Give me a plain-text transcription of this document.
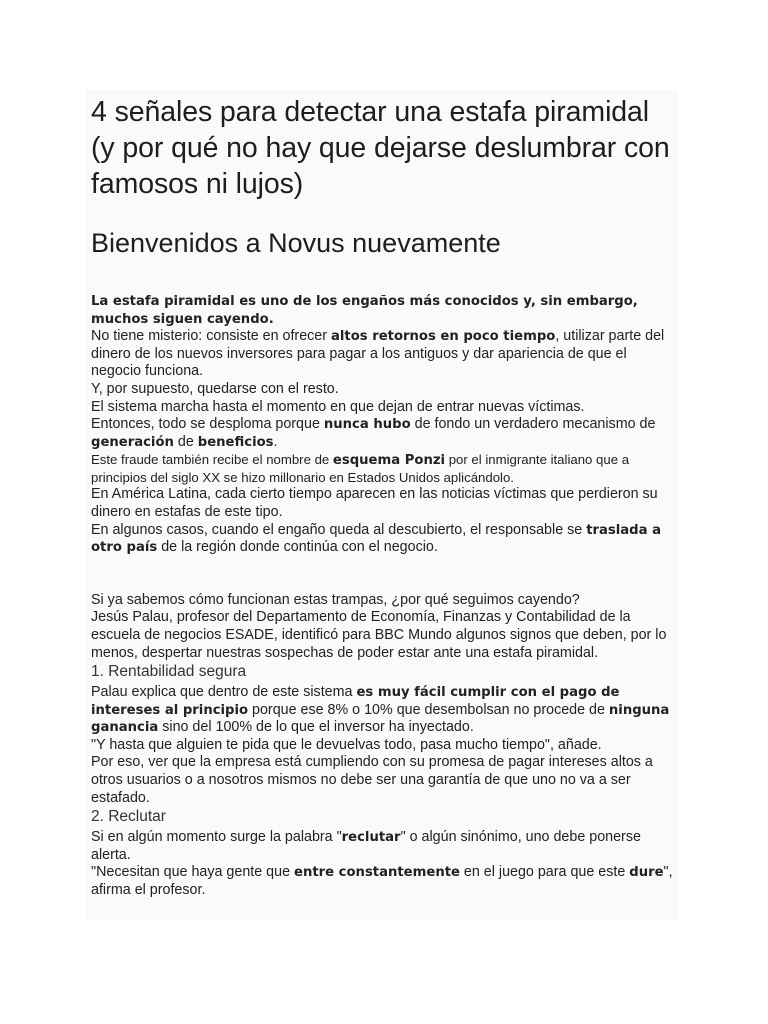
4 señales para detectar una estafa piramidal (y por qué no hay que dejarse deslumbrar con famosos ni lujos)
Bienvenidos a Novus nuevamente

La estafa piramidal es uno de los engaños más conocidos y, sin embargo, muchos siguen cayendo.

No tiene misterio: consiste en ofrecer altos retornos en poco tiempo, utilizar parte del dinero de los nuevos inversores para pagar a los antiguos y dar apariencia de que el negocio funciona.

Y, por supuesto, quedarse con el resto.

El sistema marcha hasta el momento en que dejan de entrar nuevas víctimas.

Entonces, todo se desploma porque nunca hubo de fondo un verdadero mecanismo de generación de beneficios.

Este fraude también recibe el nombre de esquema Ponzi por el inmigrante italiano que a principios del siglo XX se hizo millonario en Estados Unidos aplicándolo.

En América Latina, cada cierto tiempo aparecen en las noticias víctimas que perdieron su dinero en estafas de este tipo.

En algunos casos, cuando el engaño queda al descubierto, el responsable se traslada a otro país de la región donde continúa con el negocio.

Si ya sabemos cómo funcionan estas trampas, ¿por qué seguimos cayendo?

Jesús Palau, profesor del Departamento de Economía, Finanzas y Contabilidad de la escuela de negocios ESADE, identificó para BBC Mundo algunos signos que deben, por lo menos, despertar nuestras sospechas de poder estar ante una estafa piramidal.

1. Rentabilidad segura

Palau explica que dentro de este sistema es muy fácil cumplir con el pago de intereses al principio porque ese 8% o 10% que desembolsan no procede de ninguna ganancia sino del 100% de lo que el inversor ha inyectado.

"Y hasta que alguien te pida que le devuelvas todo, pasa mucho tiempo", añade.

Por eso, ver que la empresa está cumpliendo con su promesa de pagar intereses altos a otros usuarios o a nosotros mismos no debe ser una garantía de que uno no va a ser estafado.

2. Reclutar

Si en algún momento surge la palabra "reclutar" o algún sinónimo, uno debe ponerse alerta.

"Necesitan que haya gente que entre constantemente en el juego para que este dure", afirma el profesor.
